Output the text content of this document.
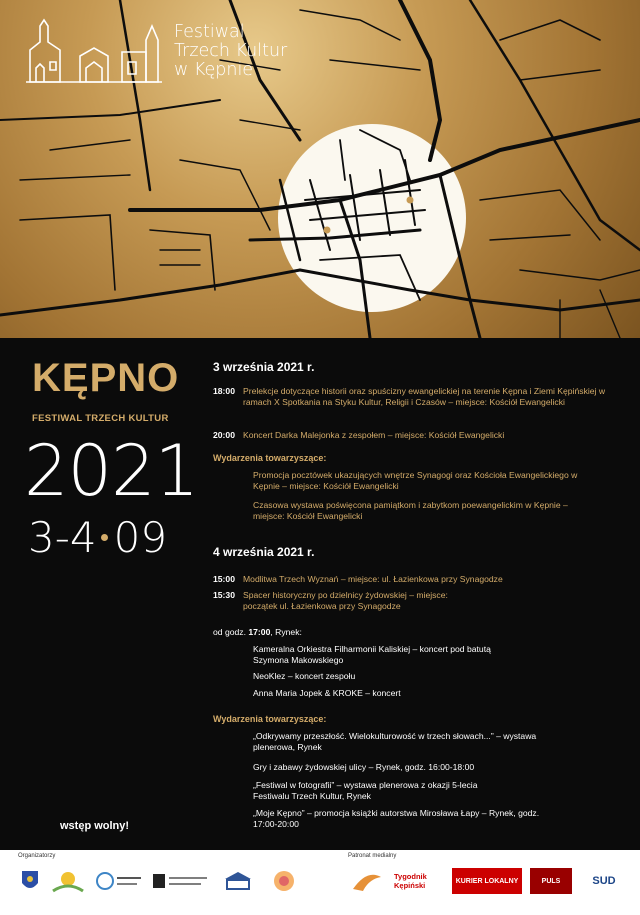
Festiwal
Trzech Kultur
w Kępnie
KĘPNO
FESTIWAL TRZECH KULTUR
2021
3-4 09
wstęp wolny!
3 września 2021 r.
18:00 Prelekcje dotyczące historii oraz spuścizny ewangelickiej na terenie Kępna i Ziemi Kępińskiej w ramach X Spotkania na Styku Kultur, Religii i Czasów – miejsce: Kościół Ewangelicki
20:00 Koncert Darka Malejonka z zespołem – miejsce: Kościół Ewangelicki
Wydarzenia towarzyszące:
Promocja pocztówek ukazujących wnętrze Synagogi oraz Kościoła Ewangelickiego w Kępnie – miejsce: Kościół Ewangelicki
Czasowa wystawa poświęcona pamiątkom i zabytkom poewangelickim w Kępnie – miejsce: Kościół Ewangelicki
4 września 2021 r.
15:00 Modlitwa Trzech Wyznań – miejsce: ul. Łazienkowa przy Synagodze
15:30 Spacer historyczny po dzielnicy żydowskiej – miejsce: początek ul. Łazienkowa przy Synagodze
od godz. 17:00, Rynek:
Kameralna Orkiestra Filharmonii Kaliskiej – koncert pod batutą Szymona Makowskiego
NeoKlez – koncert zespołu
Anna Maria Jopek & KROKE – koncert
Wydarzenia towarzyszące:
„Odkrywamy przeszłość. Wielokulturowość w trzech słowach...” – wystawa plenerowa, Rynek
Gry i zabawy żydowskiej ulicy – Rynek, godz. 16:00-18:00
„Festiwal w fotografii” – wystawa plenerowa z okazji 5-lecia Festiwalu Trzech Kultur, Rynek
„Moje Kępno” – promocja książki autorstwa Mirosława Łapy – Rynek, godz. 17:00-20:00
Organizatorzy	Patronat medialny
Tygodnik Kępiński	KURIER LOKALNY	PULS	SUD
